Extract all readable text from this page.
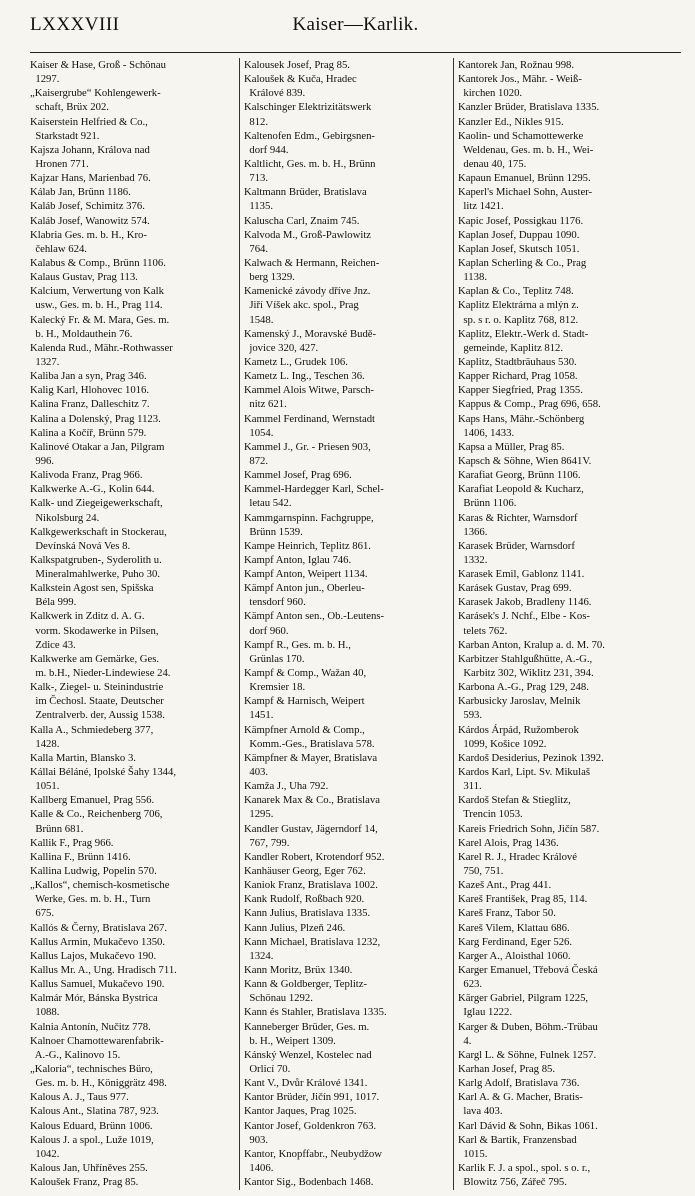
LXXXVIII	Kaiser—Karlik.
Kaiser & Hase, Groß - Schönau
1297.
„Kaisergrube“ Kohlengewerk-
schaft, Brüx 202.
Kaiserstein Helfried & Co.,
Starkstadt 921.
Kajsza Johann, Králova nad
Hronen 771.
Kajzar Hans, Marienbad 76.
Kálab Jan, Brünn 1186.
Kaláb Josef, Schimitz 376.
Kaláb Josef, Wanowitz 574.
Klabria Ges. m. b. H., Kro-
čehlaw 624.
Kalabus & Comp., Brünn 1106.
Kalaus Gustav, Prag 113.
Kalcium, Verwertung von Kalk
usw., Ges. m. b. H., Prag 114.
Kalecký Fr. & M. Mara, Ges. m.
b. H., Moldauthein 76.
Kalenda Rud., Mähr.-Rothwasser
1327.
Kaliba Jan a syn, Prag 346.
Kalig Karl, Hlohovec 1016.
Kalina Franz, Dalleschitz 7.
Kalina a Dolenský, Prag 1123.
Kalina a Kočíř, Brünn 579.
Kalinové Otakar a Jan, Pilgram
996.
Kalivoda Franz, Prag 966.
Kalkwerke A.-G., Kolin 644.
Kalk- und Ziegeigewerkschaft,
Nikolsburg 24.
Kalkgewerkschaft in Stockerau,
Devínská Nová Ves 8.
Kalkspatgruben-, Syderolith u.
Mineralmahlwerke, Puho 30.
Kalkstein Agost sen, Spišska
Béla 999.
Kalkwerk in Zditz d. A. G.
vorm. Skodawerke in Pilsen,
Zdice 43.
Kalkwerke am Gemärke, Ges.
m. b.H., Nieder-Lindewiese 24.
Kalk-, Ziegel- u. Steinindustrie
im Čechosl. Staate, Deutscher
Zentralverb. der, Aussig 1538.
Kalla A., Schmiedeberg 377,
1428.
Kalla Martin, Blansko 3.
Kállai Béláné, Ipolské Šahy 1344,
1051.
Kallberg Emanuel, Prag 556.
Kalle & Co., Reichenberg 706,
Brünn 681.
Kallik F., Prag 966.
Kallina F., Brünn 1416.
Kallina Ludwig, Popelin 570.
„Kallos“, chemisch-kosmetische
Werke, Ges. m. b. H., Turn
675.
Kallós & Černy, Bratislava 267.
Kallus Armin, Mukačevo 1350.
Kallus Lajos, Mukačevo 190.
Kallus Mr. A., Ung. Hradisch 711.
Kallus Samuel, Mukačevo 190.
Kalmár Mór, Bánska Bystrica
1088.
Kalnia Antonín, Nučitz 778.
Kalnoer Chamottewarenfabrik-
A.-G., Kalinovo 15.
„Kaloria“, technisches Büro,
Ges. m. b. H., Königgrätz 498.
Kalous A. J., Taus 977.
Kalous Ant., Slatina 787, 923.
Kalous Eduard, Brünn 1006.
Kalous J. a spol., Luže 1019,
1042.
Kalous Jan, Uhříněves 255.
Kaloušek Franz, Prag 85.
Kalousek Josef, Prag 85.
Kaloušek & Kuča, Hradec
Králové 839.
Kalschinger Elektrizitätswerk
812.
Kaltenofen Edm., Gebirgsnen-
dorf 944.
Kaltlicht, Ges. m. b. H., Brünn
713.
Kaltmann Brüder, Bratislava
1135.
Kaluscha Carl, Znaim 745.
Kalvoda M., Groß-Pawlowitz
764.
Kalwach & Hermann, Reichen-
berg 1329.
Kamenické závody dříve Jnz.
Jiří Víšek akc. spol., Prag
1548.
Kamenský J., Moravské Budě-
jovice 320, 427.
Kametz L., Grudek 106.
Kametz L. Ing., Teschen 36.
Kammel Alois Witwe, Parsch-
nitz 621.
Kammel Ferdinand, Wernstadt
1054.
Kammel J., Gr. - Priesen 903,
872.
Kammel Josef, Prag 696.
Kammel-Hardegger Karl, Schel-
letau 542.
Kammgarnspinn. Fachgruppe,
Brünn 1539.
Kampe Heinrich, Teplitz 861.
Kampf Anton, Iglau 746.
Kampf Anton, Weipert 1134.
Kämpf Anton jun., Oberleu-
tensdorf 960.
Kämpf Anton sen., Ob.-Leutens-
dorf 960.
Kampf R., Ges. m. b. H.,
Grünlas 170.
Kampf & Comp., Wažan 40,
Kremsier 18.
Kampf & Harnisch, Weipert
1451.
Kämpfner Arnold & Comp.,
Komm.-Ges., Bratislava 578.
Kämpfner & Mayer, Bratislava
403.
Kamža J., Uha 792.
Kanarek Max & Co., Bratislava
1295.
Kandler Gustav, Jägerndorf 14,
767, 799.
Kandler Robert, Krotendorf 952.
Kanhäuser Georg, Eger 762.
Kaniok Franz, Bratislava 1002.
Kank Rudolf, Roßbach 920.
Kann Julius, Bratislava 1335.
Kann Julius, Plzeň 246.
Kann Michael, Bratislava 1232,
1324.
Kann Moritz, Brüx 1340.
Kann & Goldberger, Teplitz-
Schönau 1292.
Kann és Stahler, Bratislava 1335.
Kanneberger Brüder, Ges. m.
b. H., Weipert 1309.
Kánský Wenzel, Kostelec nad
Orlicí 70.
Kant V., Dvůr Králové 1341.
Kantor Brüder, Jičín 991, 1017.
Kantor Jaques, Prag 1025.
Kantor Josef, Goldenkron 763.
903.
Kantor, Knopffabr., Neubydžow
1406.
Kantor Sig., Bodenbach 1468.
Kantorek Jan, Rožnau 998.
Kantorek Jos., Mähr. - Weiß-
kirchen 1020.
Kanzler Brüder, Bratislava 1335.
Kanzler Ed., Nikles 915.
Kaolin- und Schamottewerke
Weldenau, Ges. m. b. H., Wei-
denau 40, 175.
Kapaun Emanuel, Brünn 1295.
Kaperl's Michael Sohn, Auster-
litz 1421.
Kapic Josef, Possigkau 1176.
Kaplan Josef, Duppau 1090.
Kaplan Josef, Skutsch 1051.
Kaplan Scherling & Co., Prag
1138.
Kaplan & Co., Teplitz 748.
Kaplitz Elektrárna a mlýn z.
sp. s r. o. Kaplitz 768, 812.
Kaplitz, Elektr.-Werk d. Stadt-
gemeinde, Kaplitz 812.
Kaplitz, Stadtbräuhaus 530.
Kapper Richard, Prag 1058.
Kapper Siegfried, Prag 1355.
Kappus & Comp., Prag 696, 658.
Kaps Hans, Mähr.-Schönberg
1406, 1433.
Kapsa a Müller, Prag 85.
Kapsch & Söhne, Wien 8641V.
Karafiat Georg, Brünn 1106.
Karafiat Leopold & Kucharz,
Brünn 1106.
Karas & Richter, Warnsdorf
1366.
Karasek Brüder, Warnsdorf
1332.
Karasek Emil, Gablonz 1141.
Karásek Gustav, Prag 699.
Karasek Jakob, Bradleny 1146.
Karásek's J. Nchf., Elbe - Kos-
telets 762.
Karban Anton, Kralup a. d. M. 70.
Karbitzer Stahlgußhütte, A.-G.,
Karbitz 302, Wiklitz 231, 394.
Karbona A.-G., Prag 129, 248.
Karbusicky Jaroslav, Melnik
593.
Kárdos Árpád, Ružomberok
1099, Košice 1092.
Kardoš Desiderius, Pezinok 1392.
Kardos Karl, Lipt. Sv. Mikulaš
311.
Kardoš Stefan & Stieglitz,
Trencin 1053.
Kareis Friedrich Sohn, Jičín 587.
Karel Alois, Prag 1436.
Karel R. J., Hradec Králové
750, 751.
Kazeš Ant., Prag 441.
Kareš František, Prag 85, 114.
Kareš Franz, Tabor 50.
Kareš Vilem, Klattau 686.
Karg Ferdinand, Eger 526.
Karger A., Aloisthal 1060.
Karger Emanuel, Třebová Česká
623.
Kärger Gabriel, Pilgram 1225,
Iglau 1222.
Karger & Duben, Böhm.-Trübau
4.
Kargl L. & Söhne, Fulnek 1257.
Karhan Josef, Prag 85.
Karlg Adolf, Bratislava 736.
Karl A. & G. Macher, Bratis-
lava 403.
Karl Dávid & Sohn, Bikas 1061.
Karl & Bartik, Franzensbad
1015.
Karlik F. J. a spol., spol. s o. r.,
Blowitz 756, Zářeč 795.
